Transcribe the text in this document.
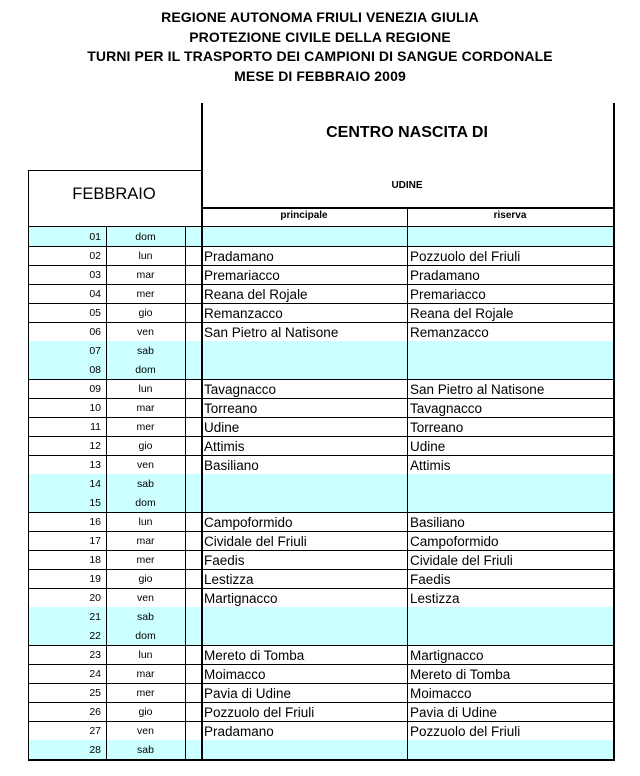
REGIONE AUTONOMA FRIULI VENEZIA GIULIA
PROTEZIONE CIVILE DELLA REGIONE
TURNI PER IL TRASPORTO DEI CAMPIONI DI SANGUE CORDONALE
MESE DI FEBBRAIO 2009
01	dom
02	lun	Pradamano	Pozzuolo del Friuli
03	mar	Premariacco	Pradamano
04	mer	Reana del Rojale	Premariacco
05	gio	Remanzacco	Reana del Rojale
06	ven	San Pietro al Natisone	Remanzacco
07	sab
08	dom
09	lun	Tavagnacco	San Pietro al Natisone
10	mar	Torreano	Tavagnacco
11	mer	Udine	Torreano
12	gio	Attimis	Udine
13	ven	Basiliano	Attimis
14	sab
15	dom
16	lun	Campoformido	Basiliano
17	mar	Cividale del Friuli	Campoformido
18	mer	Faedis	Cividale del Friuli
19	gio	Lestizza	Faedis
20	ven	Martignacco	Lestizza
21	sab
22	dom
23	lun	Mereto di Tomba	Martignacco
24	mar	Moimacco	Mereto di Tomba
25	mer	Pavia di Udine	Moimacco
26	gio	Pozzuolo del Friuli	Pavia di Udine
27	ven	Pradamano	Pozzuolo del Friuli
28	sab
CENTRO NASCITA DI
UDINE
FEBBRAIO
principale	riserva
